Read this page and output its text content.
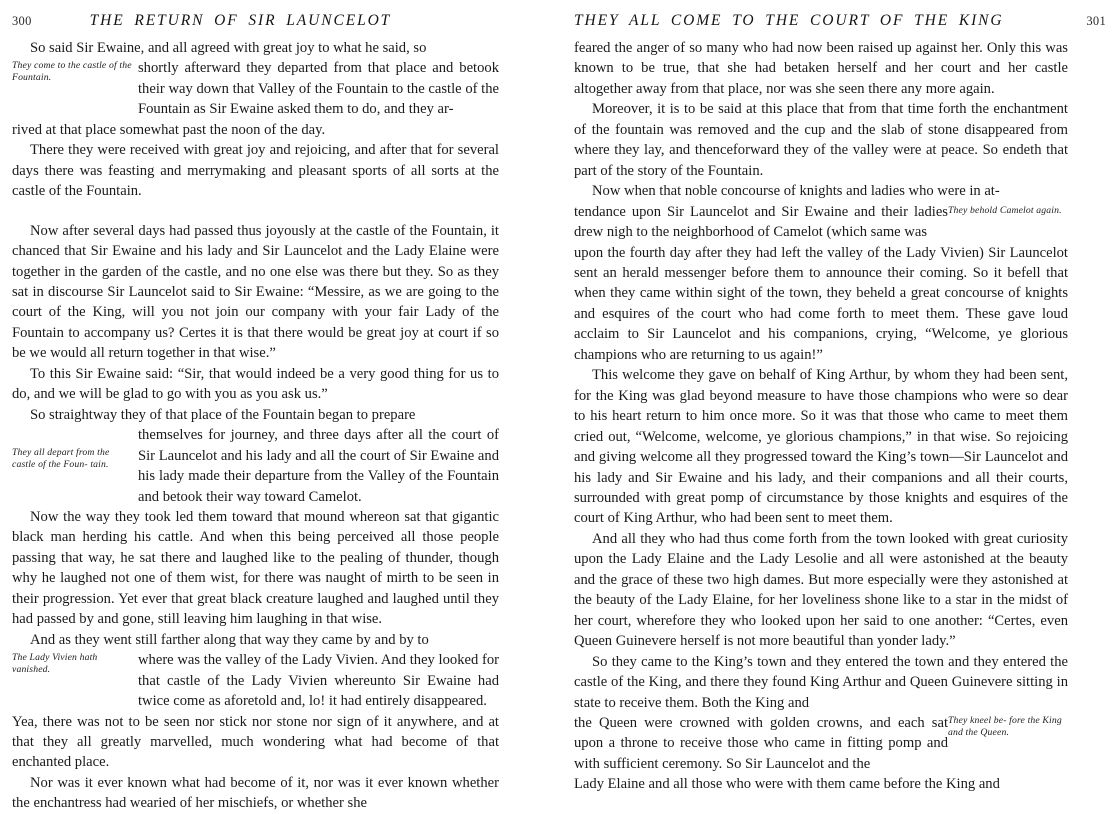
300	THE RETURN OF SIR LAUNCELOT

So said Sir Ewaine, and all agreed with great joy to what he said, so

They come to the castle of the Fountain.

shortly afterward they departed from that place and betook their way down that Valley of the Fountain to the castle of the Fountain as Sir Ewaine asked them to do, and they ar-

rived at that place somewhat past the noon of the day.

There they were received with great joy and rejoicing, and after that for several days there was feasting and merrymaking and pleasant sports of all sorts at the castle of the Fountain.

Now after several days had passed thus joyously at the castle of the Fountain, it chanced that Sir Ewaine and his lady and Sir Launcelot and the Lady Elaine were together in the garden of the castle, and no one else was there but they. So as they sat in discourse Sir Launcelot said to Sir Ewaine: “Messire, as we are going to the court of the King, will you not join our company with your fair Lady of the Fountain to accompany us? Certes it is that there would be great joy at court if so be we would all return together in that wise.”

To this Sir Ewaine said: “Sir, that would indeed be a very good thing for us to do, and we will be glad to go with you as you ask us.”

So straightway they of that place of the Fountain began to prepare

They all depart from the castle of the Foun- tain.

themselves for journey, and three days after all the court of Sir Launcelot and his lady and all the court of Sir Ewaine and his lady made their departure from the Valley of the Fountain and betook their way toward Camelot.

Now the way they took led them toward that mound whereon sat that gigantic black man herding his cattle. And when this being perceived all those people passing that way, he sat there and laughed like to the pealing of thunder, though why he laughed not one of them wist, for there was naught of mirth to be seen in their progression. Yet ever that great black creature laughed and laughed until they had passed by and gone, still leaving him laughing in that wise.

And as they went still farther along that way they came by and by to

The Lady Vivien hath vanished.

where was the valley of the Lady Vivien. And they looked for that castle of the Lady Vivien whereunto Sir Ewaine had twice come as aforetold and, lo! it had entirely disappeared.

Yea, there was not to be seen nor stick nor stone nor sign of it anywhere, and at that they all greatly marvelled, much wondering what had become of that enchanted place.

Nor was it ever known what had become of it, nor was it ever known whether the enchantress had wearied of her mischiefs, or whether she

THEY ALL COME TO THE COURT OF THE KING	301

feared the anger of so many who had now been raised up against her. Only this was known to be true, that she had betaken herself and her court and her castle altogether away from that place, nor was she seen there any more again.

Moreover, it is to be said at this place that from that time forth the enchantment of the fountain was removed and the cup and the slab of stone disappeared from where they lay, and thenceforward they of the valley were at peace. So endeth that part of the story of the Fountain.

Now when that noble concourse of knights and ladies who were in at-

They behold Camelot again.

tendance upon Sir Launcelot and Sir Ewaine and their ladies drew nigh to the neighborhood of Camelot (which same was

upon the fourth day after they had left the valley of the Lady Vivien) Sir Launcelot sent an herald messenger before them to announce their coming. So it befell that when they came within sight of the town, they beheld a great concourse of knights and esquires of the court who had come forth to meet them. These gave loud acclaim to Sir Launcelot and his companions, crying, “Welcome, ye glorious champions who are returning to us again!”

This welcome they gave on behalf of King Arthur, by whom they had been sent, for the King was glad beyond measure to have those champions who were so dear to his heart return to him once more. So it was that those who came to meet them cried out, “Welcome, welcome, ye glorious champions,” in that wise. So rejoicing and giving welcome all they progressed toward the King’s town—Sir Launcelot and his lady and Sir Ewaine and his lady, and their companions and all their courts, surrounded with great pomp of circumstance by those knights and esquires of the court of King Arthur, who had been sent to meet them.

And all they who had thus come forth from the town looked with great curiosity upon the Lady Elaine and the Lady Lesolie and all were astonished at the beauty and the grace of these two high dames. But more especially were they astonished at the beauty of the Lady Elaine, for her loveliness shone like to a star in the midst of her court, wherefore they who looked upon her said to one another: “Certes, even Queen Guinevere herself is not more beautiful than yonder lady.”

So they came to the King’s town and they entered the town and they entered the castle of the King, and there they found King Arthur and Queen Guinevere sitting in state to receive them. Both the King and

They kneel be- fore the King and the Queen.

the Queen were crowned with golden crowns, and each sat upon a throne to receive those who came in fitting pomp and with sufficient ceremony. So Sir Launcelot and the

Lady Elaine and all those who were with them came before the King and
